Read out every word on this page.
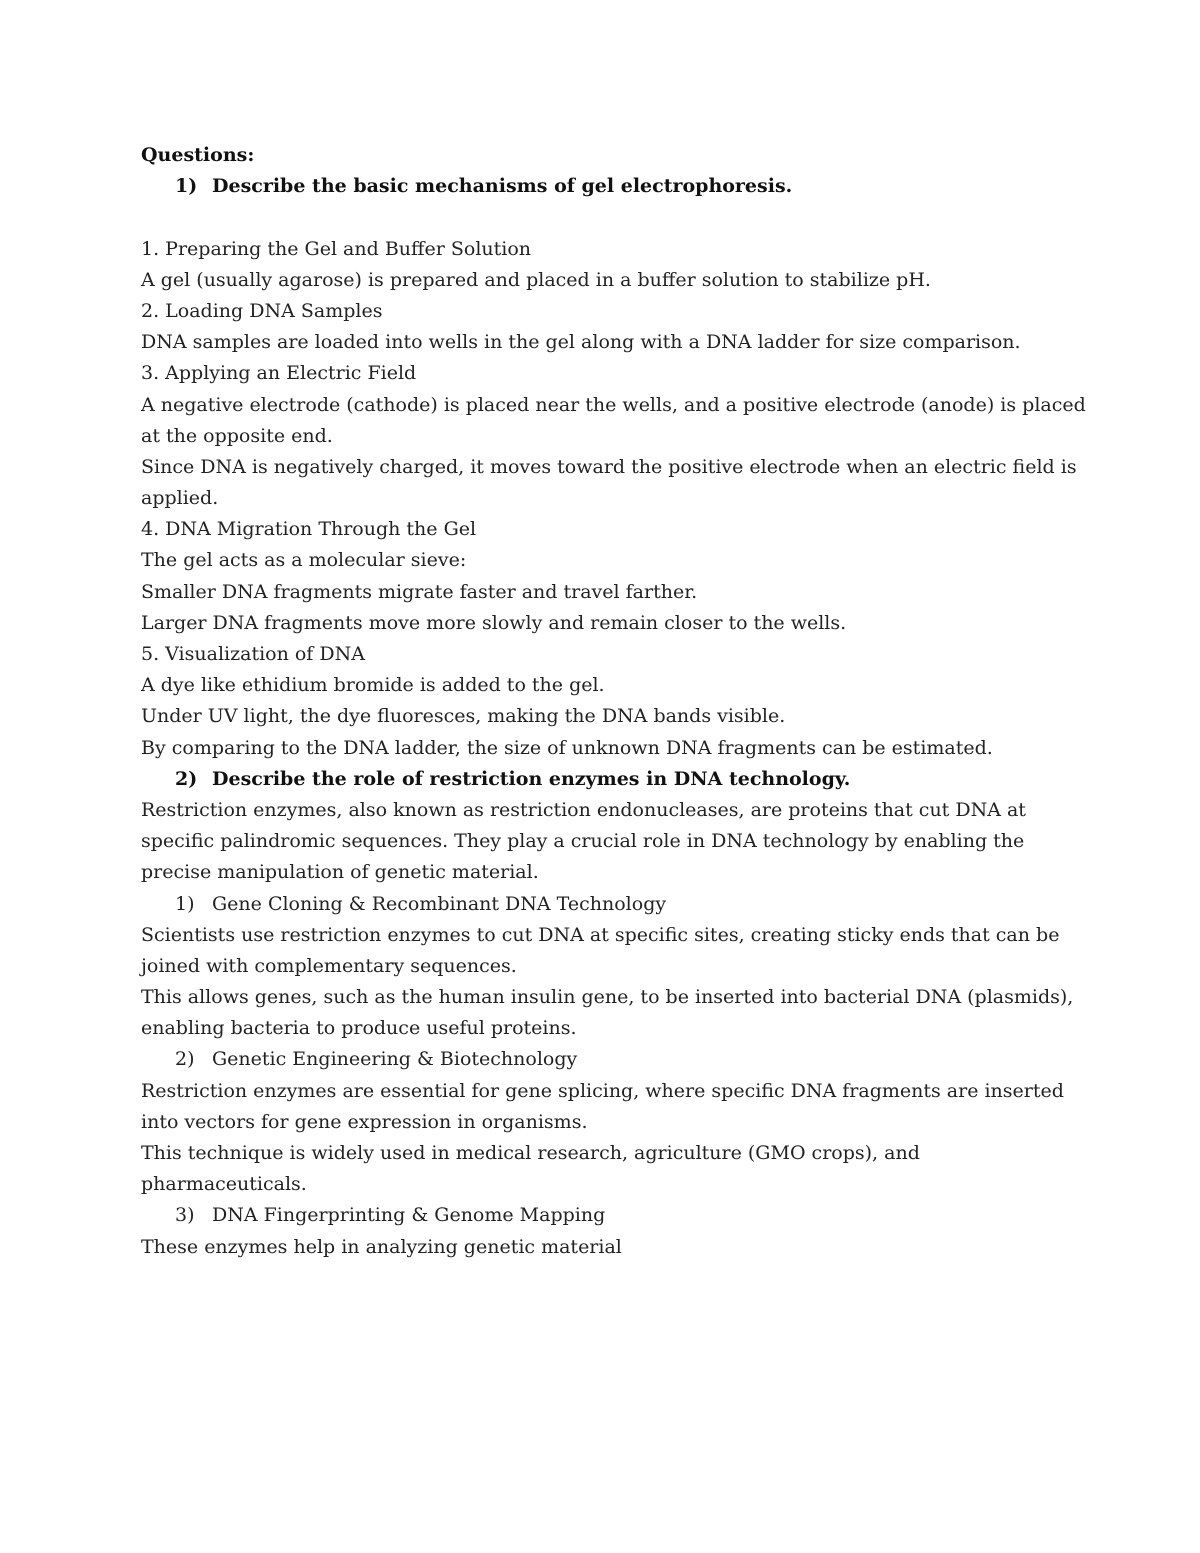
Questions:
1) Describe the basic mechanisms of gel electrophoresis.
1. Preparing the Gel and Buffer Solution
A gel (usually agarose) is prepared and placed in a buffer solution to stabilize pH.
2. Loading DNA Samples
DNA samples are loaded into wells in the gel along with a DNA ladder for size comparison.
3. Applying an Electric Field
A negative electrode (cathode) is placed near the wells, and a positive electrode (anode) is placed
at the opposite end.
Since DNA is negatively charged, it moves toward the positive electrode when an electric field is
applied.
4. DNA Migration Through the Gel
The gel acts as a molecular sieve:
Smaller DNA fragments migrate faster and travel farther.
Larger DNA fragments move more slowly and remain closer to the wells.
5. Visualization of DNA
A dye like ethidium bromide is added to the gel.
Under UV light, the dye fluoresces, making the DNA bands visible.
By comparing to the DNA ladder, the size of unknown DNA fragments can be estimated.
2) Describe the role of restriction enzymes in DNA technology.
Restriction enzymes, also known as restriction endonucleases, are proteins that cut DNA at
specific palindromic sequences. They play a crucial role in DNA technology by enabling the
precise manipulation of genetic material.
1) Gene Cloning & Recombinant DNA Technology
Scientists use restriction enzymes to cut DNA at specific sites, creating sticky ends that can be
joined with complementary sequences.
This allows genes, such as the human insulin gene, to be inserted into bacterial DNA (plasmids),
enabling bacteria to produce useful proteins.
2) Genetic Engineering & Biotechnology
Restriction enzymes are essential for gene splicing, where specific DNA fragments are inserted
into vectors for gene expression in organisms.
This technique is widely used in medical research, agriculture (GMO crops), and
pharmaceuticals.
3) DNA Fingerprinting & Genome Mapping
These enzymes help in analyzing genetic material
